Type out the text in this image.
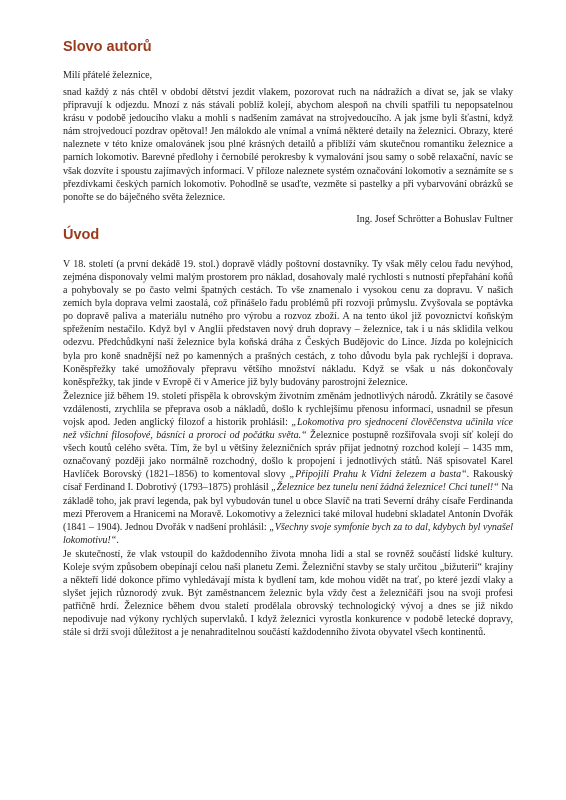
Slovo autorů
Milí přátelé železnice,

snad každý z nás chtěl v období dětství jezdit vlakem, pozorovat ruch na nádražích a dívat se, jak se vlaky připravují k odjezdu. Mnozí z nás stávali poblíž kolejí, abychom alespoň na chvíli spatřili tu nepopsatelnou krásu v podobě jedoucího vlaku a mohli s nadšením zamávat na strojvedoucího. A jak jsme byli šťastní, když nám strojvedoucí pozdrav opětoval! Jen málokdo ale vnímal a vnímá některé detaily na železnici. Obrazy, které naleznete v této knize omalovánek jsou plné krásných detailů a přiblíží vám skutečnou romantiku železnice a parních lokomotiv. Barevné předlohy i černobílé perokresby k vymalování jsou samy o sobě relaxační, navíc se však dozvíte i spoustu zajímavých informací. V příloze naleznete systém označování lokomotiv a seznámíte se s přezdívkami českých parních lokomotiv. Pohodlně se usaďte, vezměte si pastelky a při vybarvování obrázků se ponořte se do báječného světa železnice.

Ing. Josef Schrötter a Bohuslav Fultner
Úvod

V 18. století (a první dekádě 19. stol.) dopravě vládly poštovní dostavníky. Ty však měly celou řadu nevýhod, zejména disponovaly velmi malým prostorem pro náklad, dosahovaly malé rychlosti s nutností přepřahání koňů a pohybovaly se po často velmi špatných cestách. To vše znamenalo i vysokou cenu za dopravu. V našich zemích byla doprava velmi zaostalá, což přinášelo řadu problémů při rozvoji průmyslu. Zvyšovala se poptávka po dopravě paliva a materiálu nutného pro výrobu a rozvoz zboží. A na tento úkol již povoznictví koňským spřežením nestačilo. Když byl v Anglii představen nový druh dopravy – železnice, tak i u nás sklidila velkou odezvu. Předchůdkyní naší železnice byla koňská dráha z Českých Budějovic do Lince. Jízda po kolejnicích byla pro koně snadnější než po kamenných a prašných cestách, z toho důvodu byla pak rychlejší i dopravа. Koněspřežky také umožňovaly přepravu většího množství nákladu. Když se však u nás dokončovaly koněspřežky, tak jinde v Evropě či v Americe již byly budovány parostrojní železnice.

Železnice již během 19. století přispěla k obrovským životním změnám jednotlivých národů. Zkrátily se časové vzdálenosti, zrychlila se přeprava osob a nákladů, došlo k rychlejšímu přenosu informací, usnadnil se přesun vojsk apod. Jeden anglický filozof a historik prohlásil: „Lokomotiva pro sjednocení člověčenstva učinila více než všichni filosofové, básníci a proroci od počátku světa.“ Železnice postupně rozšiřovala svoji síť kolejí do všech koutů celého světa. Tím, že byl u většiny železničních správ přijat jednotný rozchod kolejí – 1435 mm, označovaný později jako normálně rozchodný, došlo k propojení i jednotlivých států. Náš spisovatel Karel Havlíček Borovský (1821–1856) to komentoval slovy „Připojili Prahu k Vídni železem a basta“. Rakouský císař Ferdinand I. Dobrotivý (1793–1875) prohlásil „Železnice bez tunelu není žádná železnice! Chci tunel!“ Na základě toho, jak praví legenda, pak byl vybudován tunel u obce Slavíč na trati Severní dráhy císaře Ferdinanda mezi Přerovem a Hranicemi na Moravě. Lokomotivy a železnici také miloval hudební skladatel Antonín Dvořák (1841 – 1904). Jednou Dvořák v nadšení prohlásil: „Všechny svoje symfonie bych za to dal, kdybych byl vynašel lokomotivu!“.

Je skutečností, že vlak vstoupil do každodenního života mnoha lidí a stal se rovněž součástí lidské kultury. Koleje svým způsobem obepínají celou naši planetu Zemi. Železniční stavby se staly určitou „bižuterií“ krajiny a někteří lidé dokonce přímo vyhledávají místa k bydlení tam, kde mohou vidět na trať, po které jezdí vlaky a slyšet jejich různorodý zvuk. Být zaměstnancem železnic byla vždy čest a železničáři jsou na svoji profesi patřičně hrdí. Železnice během dvou staletí prodělala obrovský technologický vývoj a dnes se již nikdo nepodivuje nad výkony rychlých supervlaků. I když železnici vyrostla konkurence v podobě letecké dopravy, stále si drží svoji důležitost a je nenahraditelnou součástí každodenního života obyvatel všech kontinentů.
